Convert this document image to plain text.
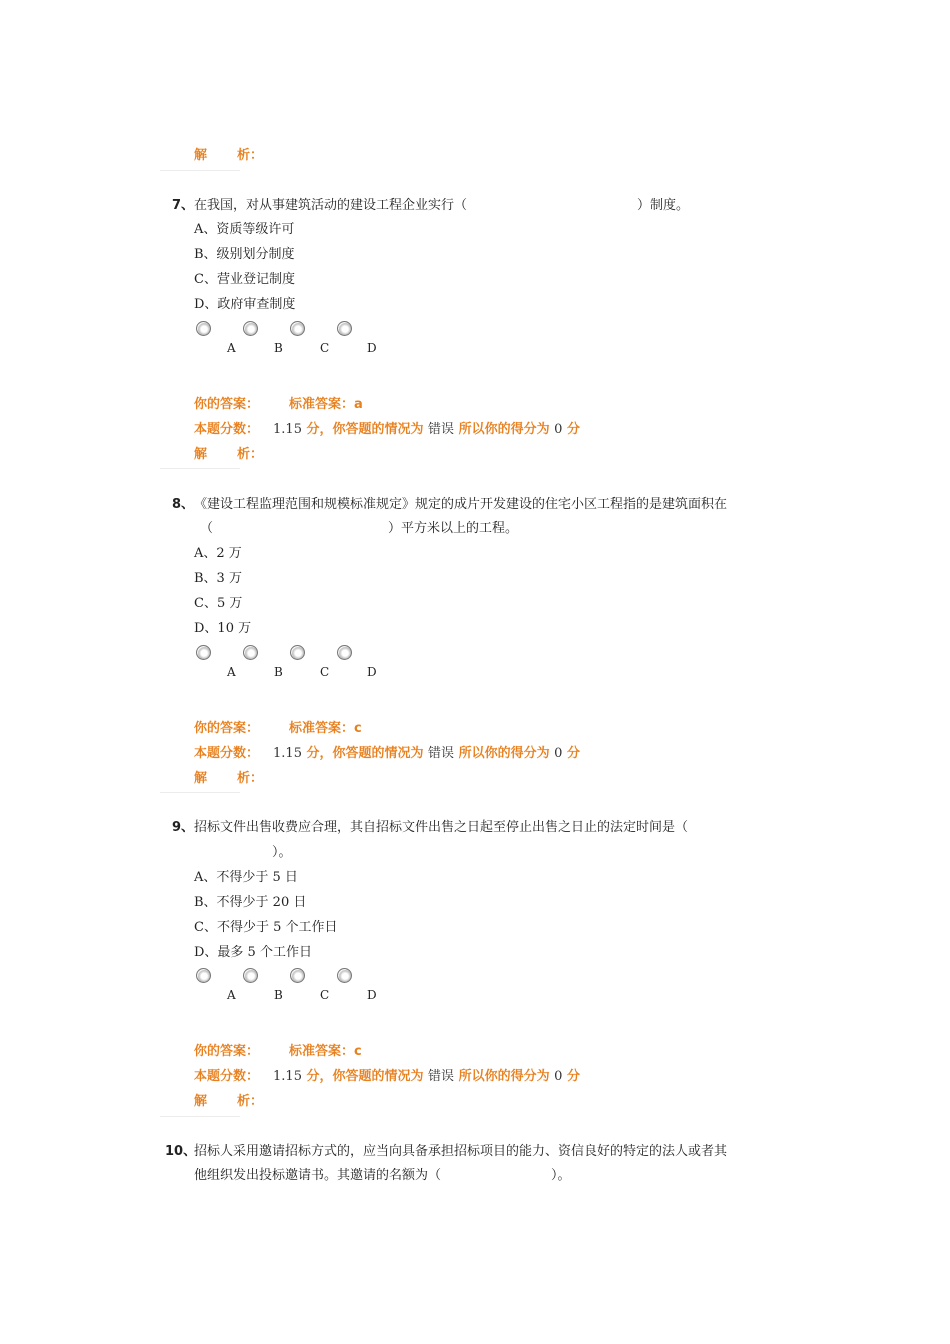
解 析：
7、 在我国，对从事建筑活动的建设工程企业实行（	）制度。
A、资质等级许可
B、级别划分制度
C、营业登记制度
D、政府审查制度
A	B	C	D
你的答案： 标准答案：a
本题分数： 1.15 分，你答题的情况为 错误 所以你的得分为 0 分
解 析：
8、 《建设工程监理范围和规模标准规定》规定的成片开发建设的住宅小区工程指的是建筑面积在
（	）平方米以上的工程。
A、2 万
B、3 万
C、5 万
D、10 万
A	B	C	D
你的答案： 标准答案：c
本题分数： 1.15 分，你答题的情况为 错误 所以你的得分为 0 分
解 析：
9、 招标文件出售收费应合理，其自招标文件出售之日起至停止出售之日止的法定时间是（
）。
A、不得少于 5 日
B、不得少于 20 日
C、不得少于 5 个工作日
D、最多 5 个工作日
A	B	C	D
你的答案： 标准答案：c
本题分数： 1.15 分，你答题的情况为 错误 所以你的得分为 0 分
解 析：
10、
招标人采用邀请招标方式的，应当向具备承担招标项目的能力、资信良好的特定的法人或者其
他组织发出投标邀请书。其邀请的名额为（	）。
